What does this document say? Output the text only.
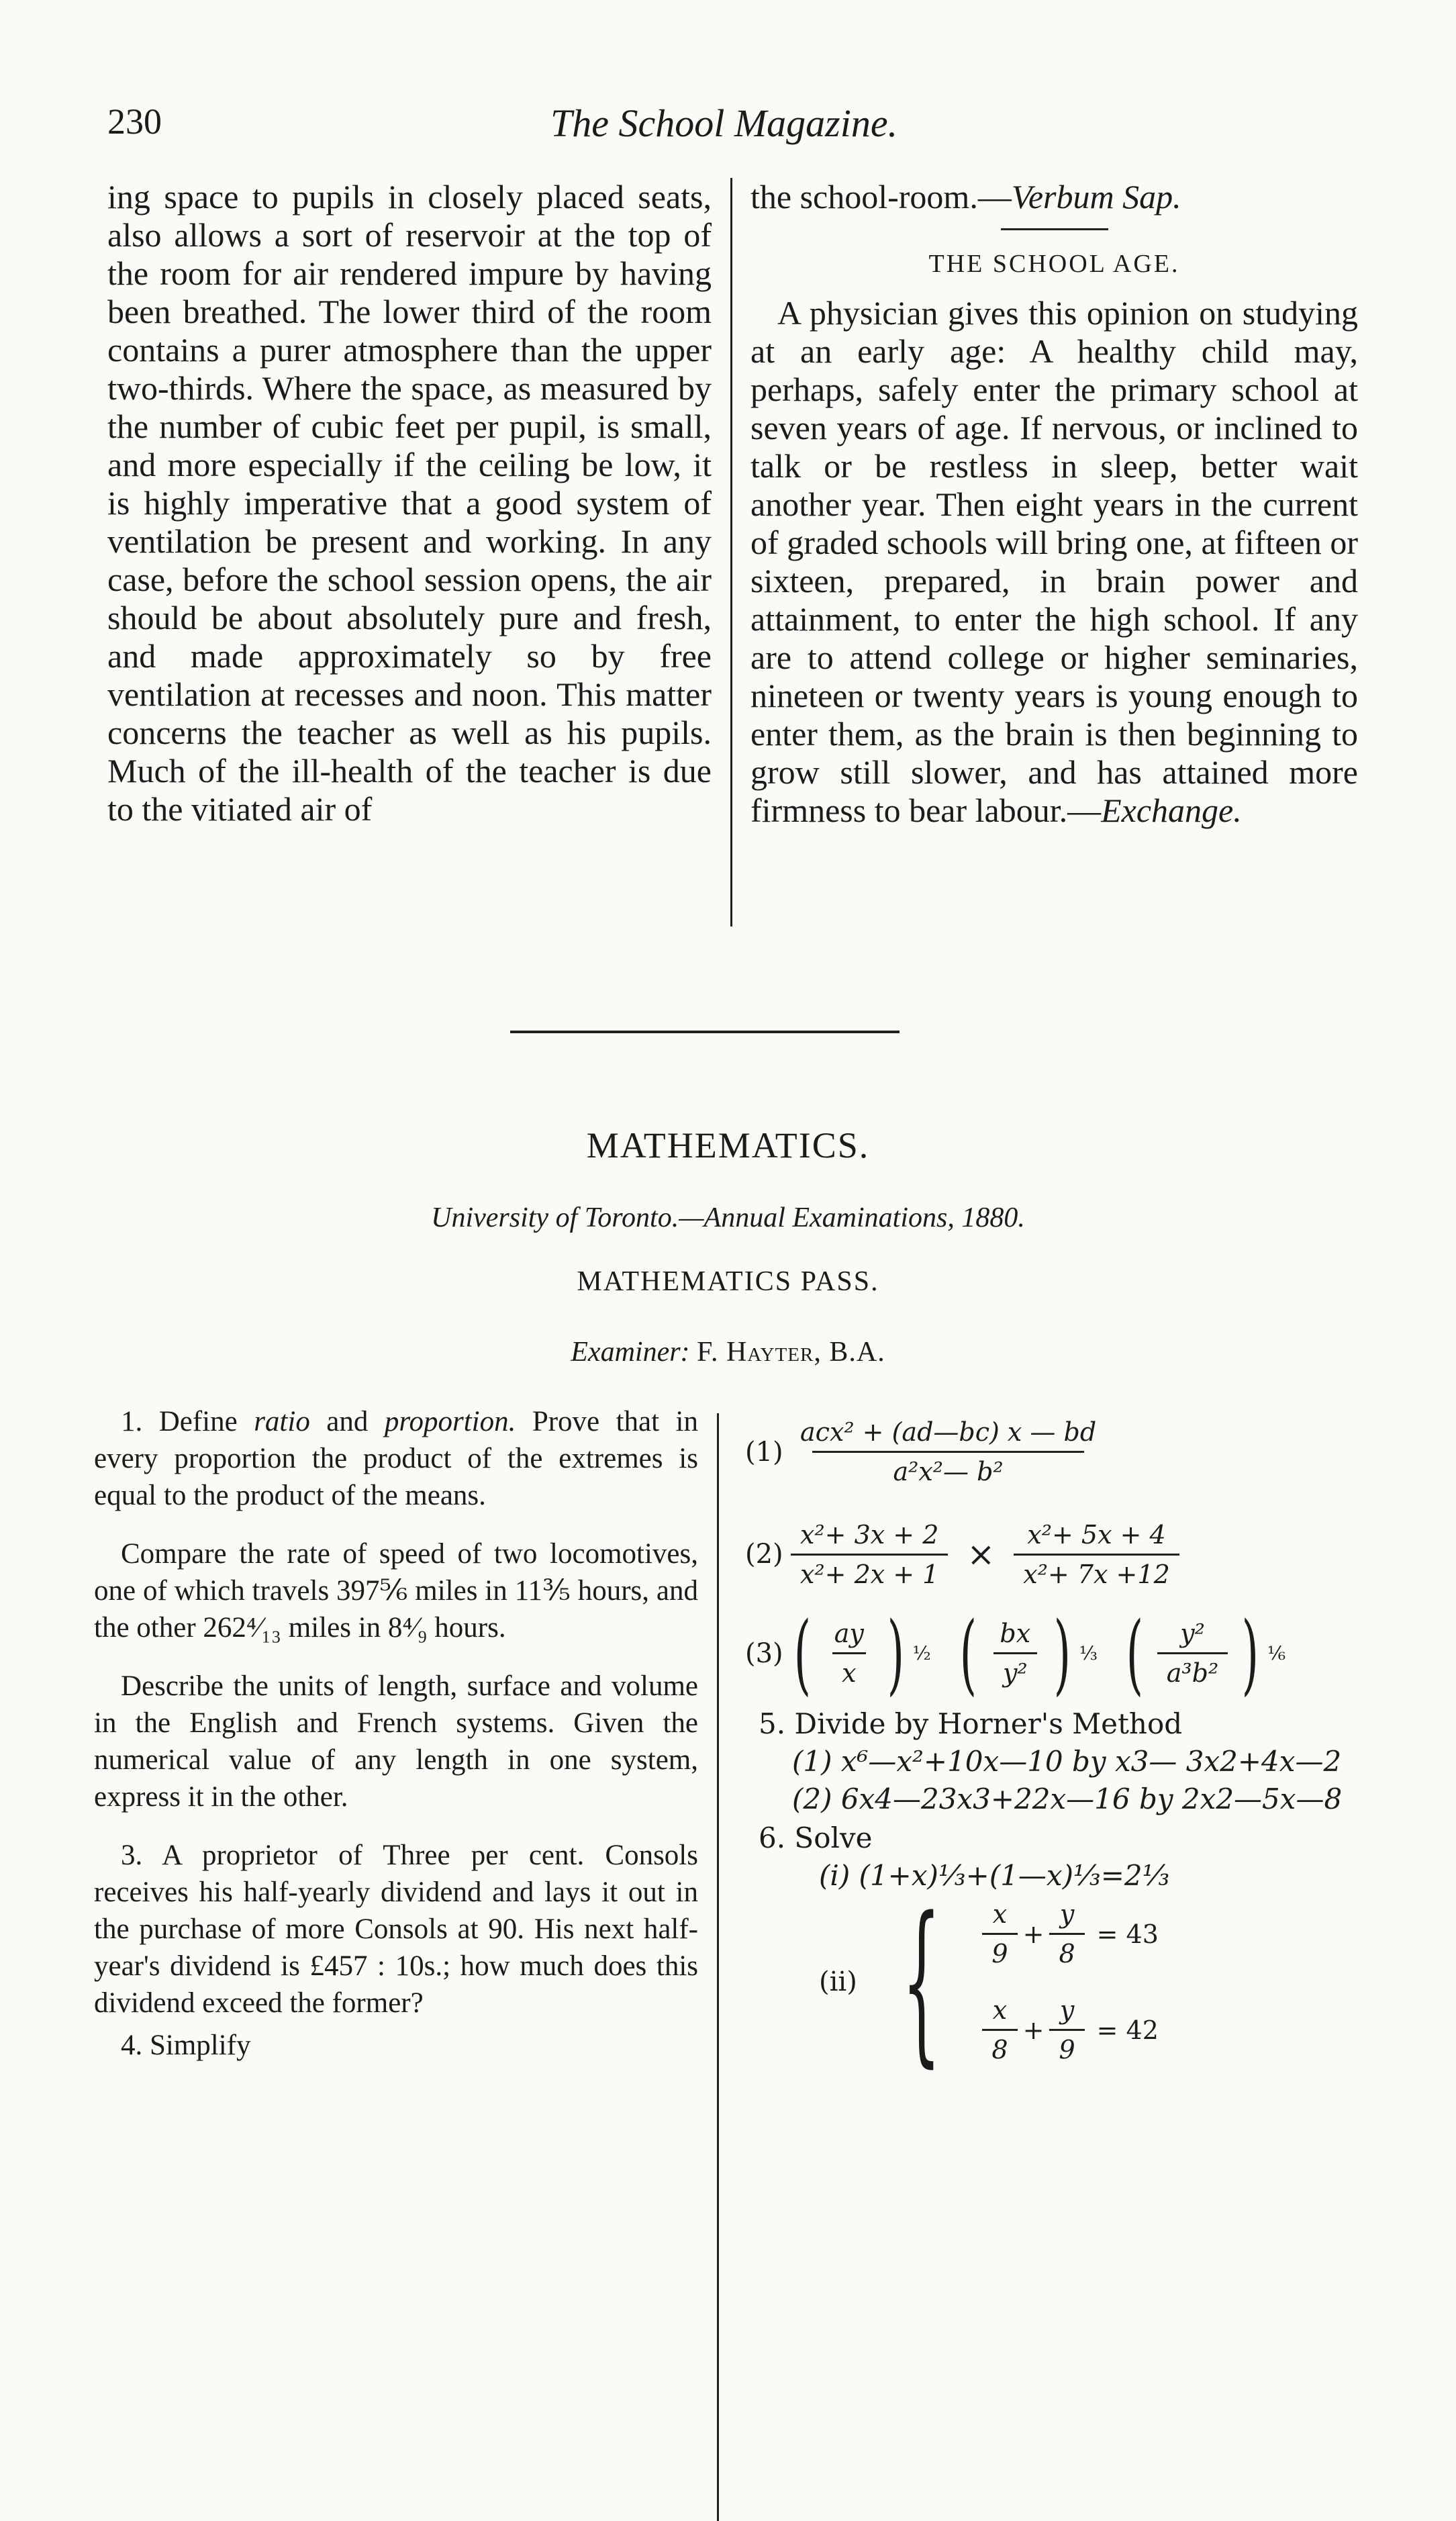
230	The School Magazine.

ing space to pupils in closely placed seats, also allows a sort of reservoir at the top of the room for air rendered impure by having been breathed. The lower third of the room contains a purer atmosphere than the upper two-thirds. Where the space, as measured by the number of cubic feet per pupil, is small, and more especially if the ceiling be low, it is highly imperative that a good system of ventilation be present and working. In any case, before the school session opens, the air should be about absolutely pure and fresh, and made approximately so by free ventilation at recesses and noon. This matter concerns the teacher as well as his pupils. Much of the ill-health of the teacher is due to the vitiated air of

the school-room.—Verbum Sap.

THE SCHOOL AGE.

A physician gives this opinion on studying at an early age: A healthy child may, perhaps, safely enter the primary school at seven years of age. If nervous, or inclined to talk or be restless in sleep, better wait another year. Then eight years in the current of graded schools will bring one, at fifteen or sixteen, prepared, in brain power and attainment, to enter the high school. If any are to attend college or higher seminaries, nineteen or twenty years is young enough to enter them, as the brain is then beginning to grow still slower, and has attained more firmness to bear labour.—Exchange.

MATHEMATICS.
University of Toronto.—Annual Examinations, 1880.
MATHEMATICS PASS.
Examiner: F. Hayter, B.A.

1. Define ratio and proportion. Prove that in every proportion the product of the extremes is equal to the product of the means.

Compare the rate of speed of two locomotives, one of which travels 397⅚ miles in 11⅗ hours, and the other 262⁴⁄₁₃ miles in 8⁴⁄₉ hours.

Describe the units of length, surface and volume in the English and French systems. Given the numerical value of any length in one system, express it in the other.

3. A proprietor of Three per cent. Consols receives his half-yearly dividend and lays it out in the purchase of more Consols at 90. His next half-year's dividend is £457 : 10s.; how much does this dividend exceed the former?

4. Simplify

$(1) \frac{\text{acx² + (ad—bc) x — bd}}{\text{a²x²— b²}}$
$(2) \frac{\text{x²+ 3x + 2}}{\text{x²+ 2x + 1}} \times \frac{\text{x²+ 5x + 4}}{\text{x²+ 7x +12}}$
(3) ( $\frac{ay}{x}$ ) ½ ( $\frac{bx}{\text{y²}}$ ) ⅓ ( $\frac{\text{y²}}{\text{a³b²}}$ ) ⅙
5. Divide by Horner's Method
(1) x⁶—x²+10x—10 by x3— 3x2+4x—2
(2) 6x4—23x3+22x—16 by 2x2—5x—8
6. Solve
(i) (1+x)⅓+(1—x)⅓=2⅓
(ii) { $\frac{x}{9} + \frac{y}{8} = 43$
$\frac{x}{8} + \frac{y}{9} = 42$
